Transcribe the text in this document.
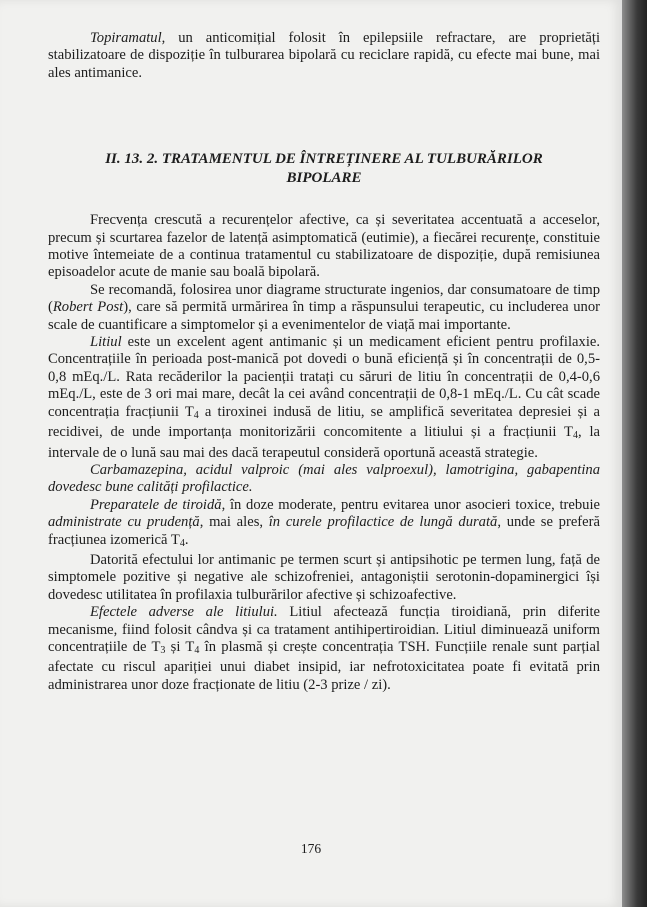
Topiramatul, un anticomițial folosit în epilepsiile refractare, are proprietăți stabilizatoare de dispoziție în tulburarea bipolară cu reciclare rapidă, cu efecte mai bune, mai ales antimanice.

II. 13. 2. TRATAMENTUL DE ÎNTREȚINERE AL TULBURĂRILOR
BIPOLARE

Frecvența crescută a recurențelor afective, ca și severitatea accentuată a acceselor, precum și scurtarea fazelor de latență asimptomatică (eutimie), a fiecărei recurențe, constituie motive întemeiate de a continua tratamentul cu stabilizatoare de dispoziție, după remisiunea episoadelor acute de manie sau boală bipolară.

Se recomandă, folosirea unor diagrame structurate ingenios, dar consumatoare de timp (Robert Post), care să permită urmărirea în timp a răspunsului terapeutic, cu includerea unor scale de cuantificare a simptomelor și a evenimentelor de viață mai importante.

Litiul este un excelent agent antimanic și un medicament eficient pentru profilaxie. Concentrațiile în perioada post-manică pot dovedi o bună eficiență și în concentrații de 0,5-0,8 mEq./L. Rata recăderilor la pacienții tratați cu săruri de litiu în concentrații de 0,4-0,6 mEq./L, este de 3 ori mai mare, decât la cei având concentrații de 0,8-1 mEq./L. Cu cât scade concentrația fracțiunii $T_4$ a tiroxinei indusă de litiu, se amplifică severitatea depresiei și a recidivei, de unde importanța monitorizării concomitente a litiului și a fracțiunii $T_4$, la intervale de o lună sau mai des dacă terapeutul consideră oportună această strategie.

Carbamazepina, acidul valproic (mai ales valproexul), lamotrigina, gabapentina dovedesc bune calități profilactice.

Preparatele de tiroidă, în doze moderate, pentru evitarea unor asocieri toxice, trebuie administrate cu prudență, mai ales, în curele profilactice de lungă durată, unde se preferă fracțiunea izomerică $T_4$.

Datorită efectului lor antimanic pe termen scurt și antipsihotic pe termen lung, față de simptomele pozitive și negative ale schizofreniei, antagoniștii serotonin-dopaminergici își dovedesc utilitatea în profilaxia tulburărilor afective și schizoafective.

Efectele adverse ale litiului. Litiul afectează funcția tiroidiană, prin diferite mecanisme, fiind folosit cândva și ca tratament antihipertiroidian. Litiul diminuează uniform concentrațiile de $T_3$ și $T_4$ în plasmă și crește concentrația TSH. Funcțiile renale sunt parțial afectate cu riscul apariției unui diabet insipid, iar nefrotoxicitatea poate fi evitată prin administrarea unor doze fracționate de litiu (2-3 prize / zi).

176
